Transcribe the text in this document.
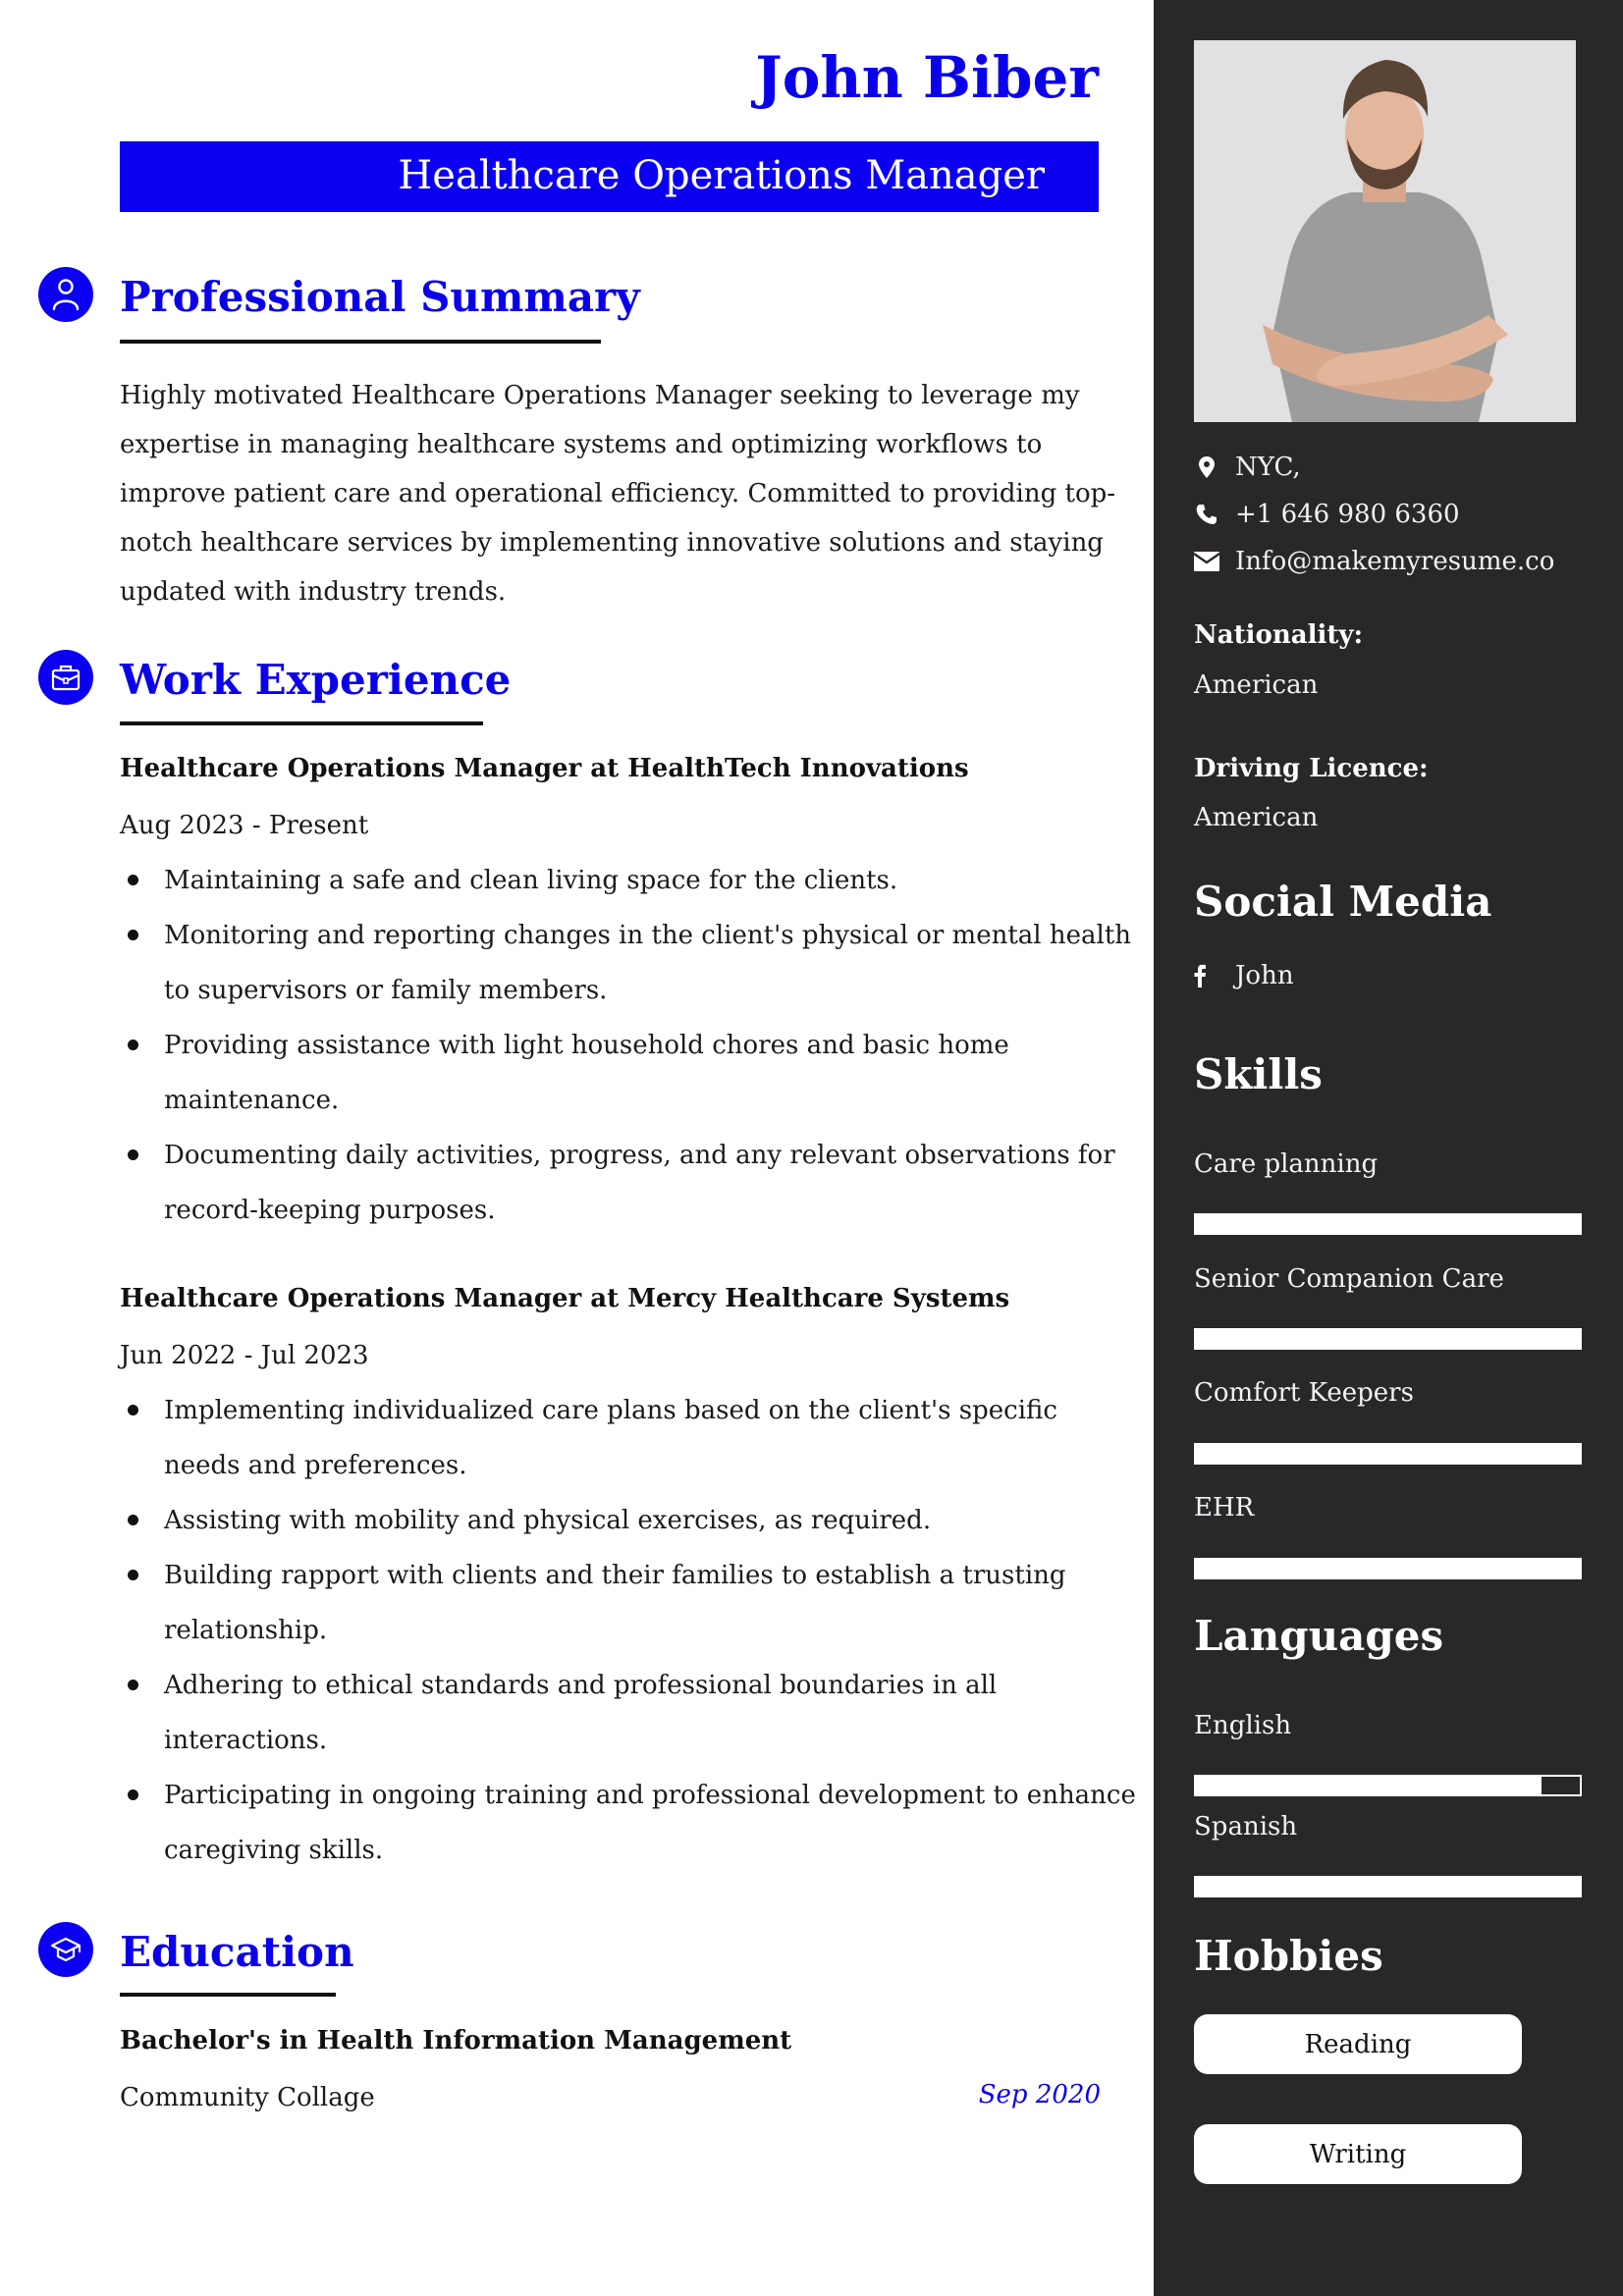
John Biber
Healthcare Operations Manager
Professional Summary
Highly motivated Healthcare Operations Manager seeking to leverage my
expertise in managing healthcare systems and optimizing workflows to
improve patient care and operational efficiency. Committed to providing top-
notch healthcare services by implementing innovative solutions and staying
updated with industry trends.
Work Experience
Healthcare Operations Manager at HealthTech Innovations
Aug 2023 - Present
Maintaining a safe and clean living space for the clients.
Monitoring and reporting changes in the client's physical or mental health
to supervisors or family members.
Providing assistance with light household chores and basic home
maintenance.
Documenting daily activities, progress, and any relevant observations for
record-keeping purposes.
Healthcare Operations Manager at Mercy Healthcare Systems
Jun 2022 - Jul 2023
Implementing individualized care plans based on the client's specific
needs and preferences.
Assisting with mobility and physical exercises, as required.
Building rapport with clients and their families to establish a trusting
relationship.
Adhering to ethical standards and professional boundaries in all
interactions.
Participating in ongoing training and professional development to enhance
caregiving skills.
Education
Bachelor's in Health Information Management
Community Collage	Sep 2020
NYC,
+1 646 980 6360
Info@makemyresume.co
Nationality:
American
Driving Licence:
American
Social Media
John
Skills
Care planning
Senior Companion Care
Comfort Keepers
EHR
Languages
English
Spanish
Hobbies
Reading
Writing
